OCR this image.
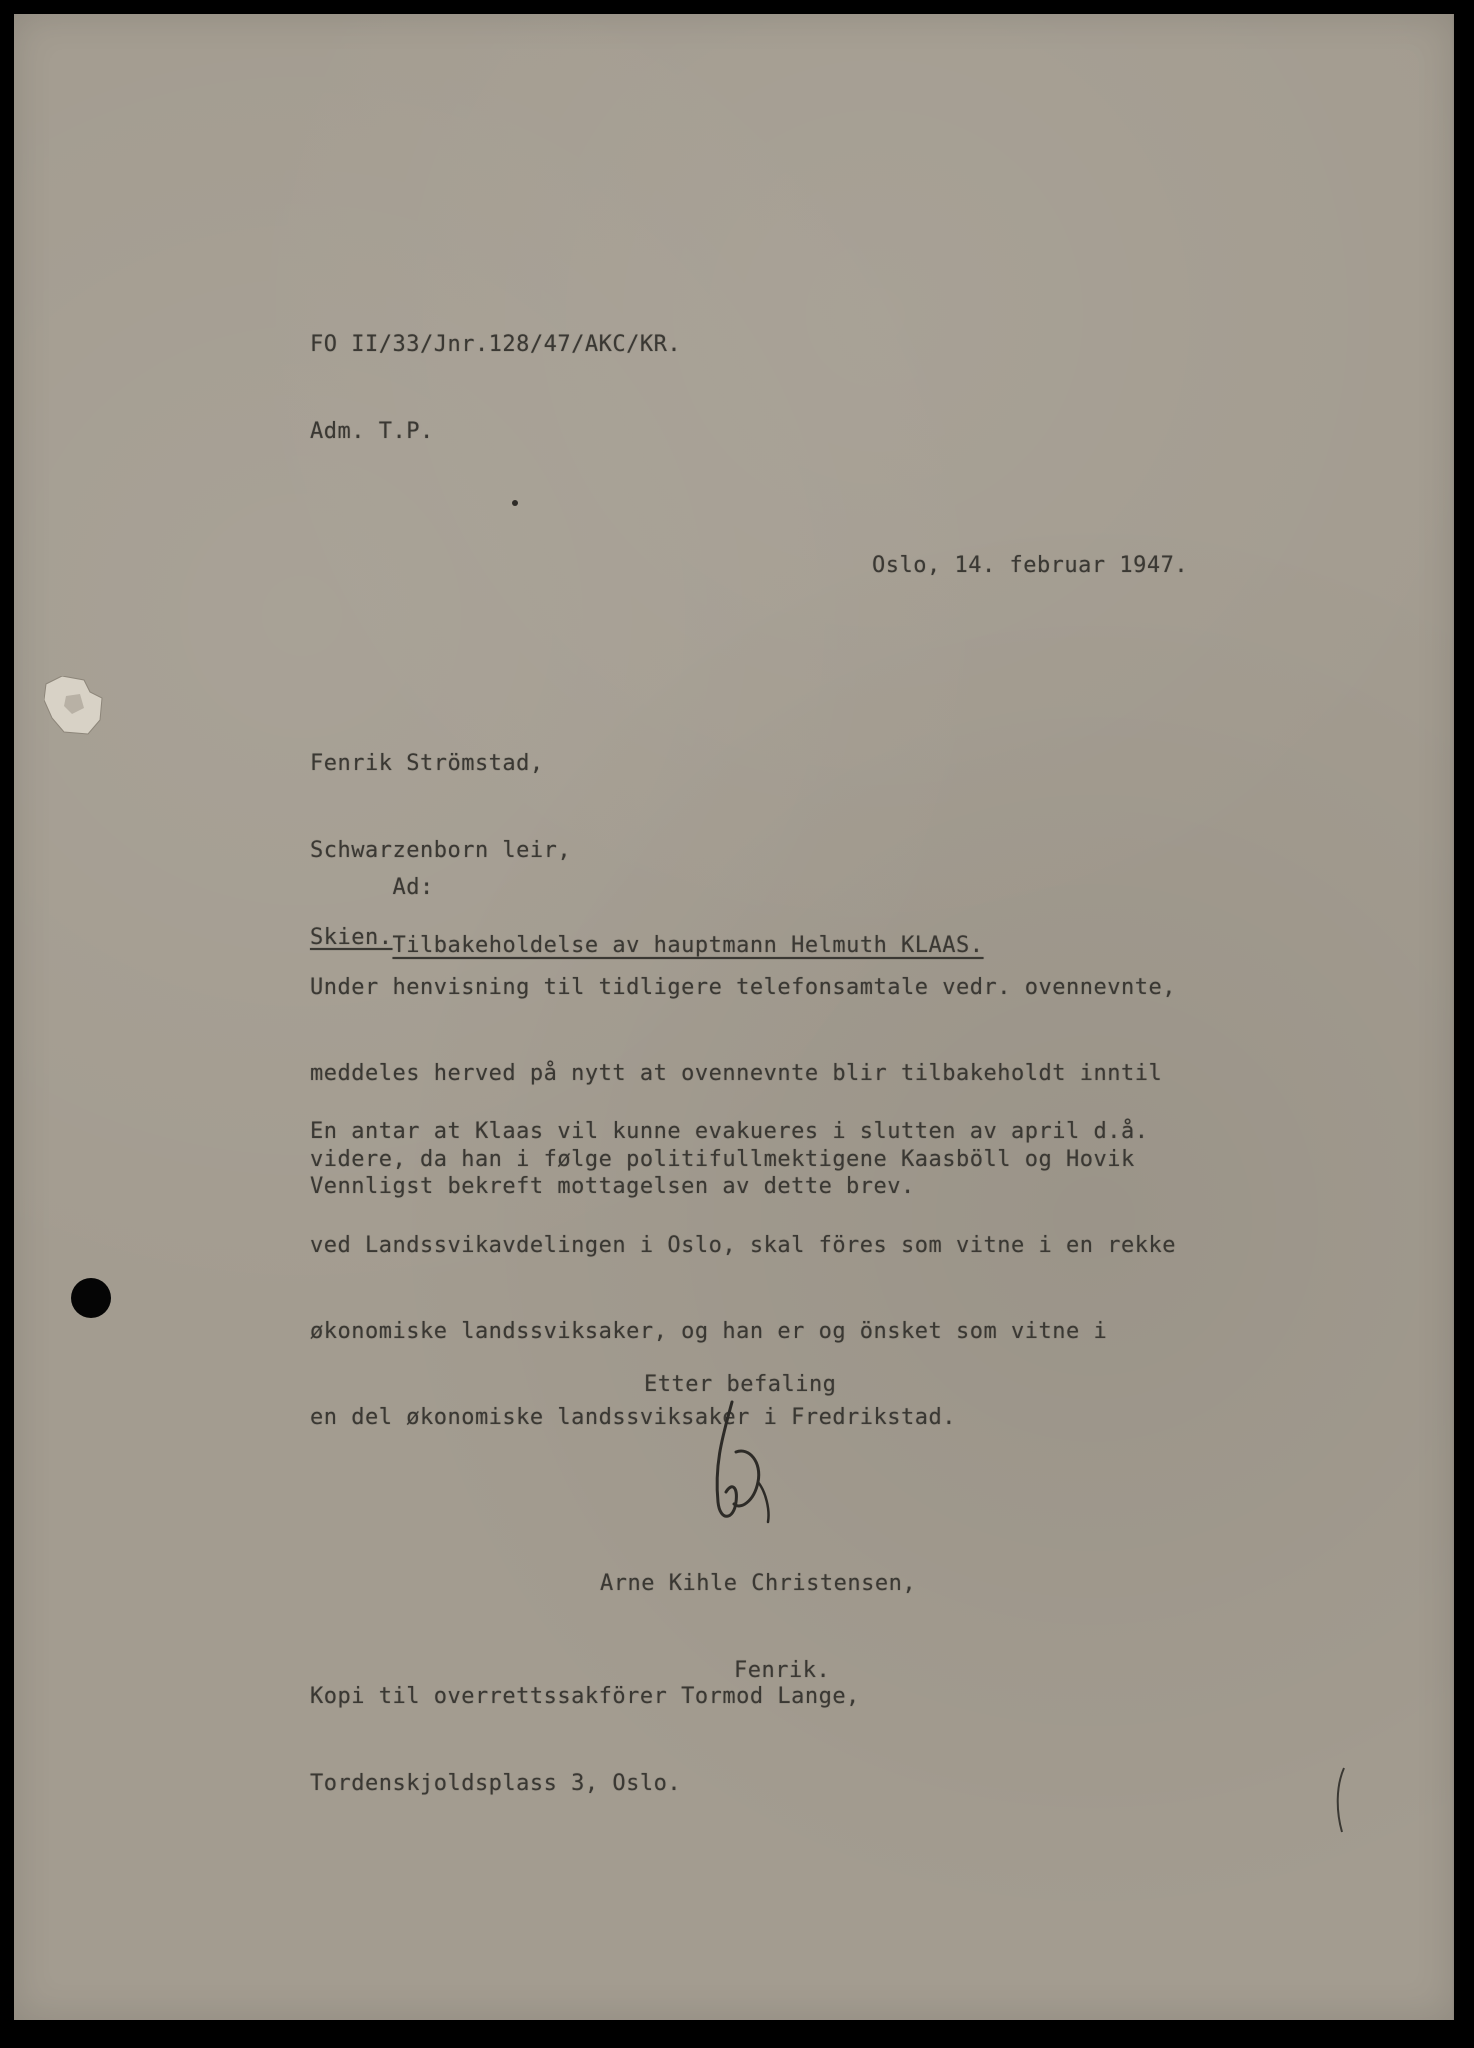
FO II/33/Jnr.128/47/AKC/KR.

Adm. T.P.

Oslo, 14. februar 1947.

Fenrik Strömstad,

Schwarzenborn leir,

Skien.

Ad:

Tilbakeholdelse av hauptmann Helmuth KLAAS.

Under henvisning til tidligere telefonsamtale vedr. ovennevnte,

meddeles herved på nytt at ovennevnte blir tilbakeholdt inntil

videre, da han i følge politifullmektigene Kaasböll og Hovik

ved Landssvikavdelingen i Oslo, skal föres som vitne i en rekke

økonomiske landssviksaker, og han er og önsket som vitne i

en del økonomiske landssviksaker i Fredrikstad.

En antar at Klaas vil kunne evakueres i slutten av april d.å.
Vennligst bekreft mottagelsen av dette brev.
Etter befaling

Arne Kihle Christensen,

Fenrik.

Kopi til overrettssakförer Tormod Lange,

Tordenskjoldsplass 3, Oslo.
